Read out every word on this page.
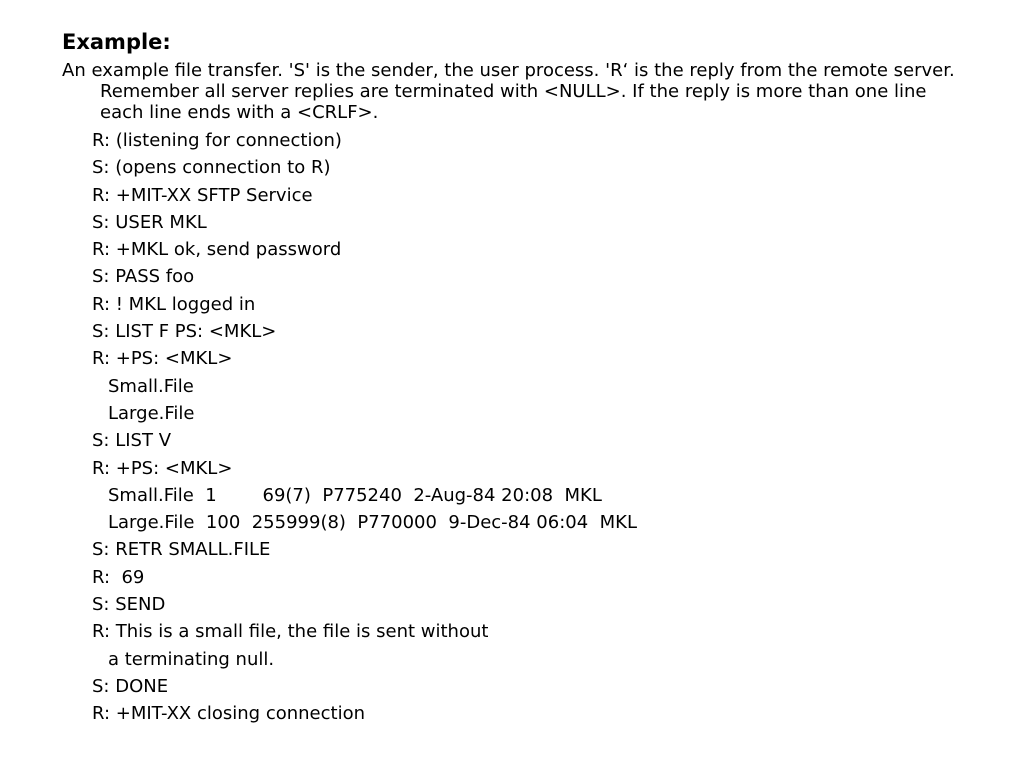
Example:
An example file transfer. 'S' is the sender, the user process. 'R‘ is the reply from the remote server.
Remember all server replies are terminated with <NULL>. If the reply is more than one line
each line ends with a <CRLF>.
R: (listening for connection)
S: (opens connection to R)
R: +MIT-XX SFTP Service
S: USER MKL
R: +MKL ok, send password
S: PASS foo
R: ! MKL logged in
S: LIST F PS: <MKL>
R: +PS: <MKL>
Small.File
Large.File
S: LIST V
R: +PS: <MKL>
Small.File  1        69(7)  P775240  2-Aug-84 20:08  MKL
Large.File  100  255999(8)  P770000  9-Dec-84 06:04  MKL
S: RETR SMALL.FILE
R:  69
S: SEND
R: This is a small file, the file is sent without
a terminating null.
S: DONE
R: +MIT-XX closing connection
